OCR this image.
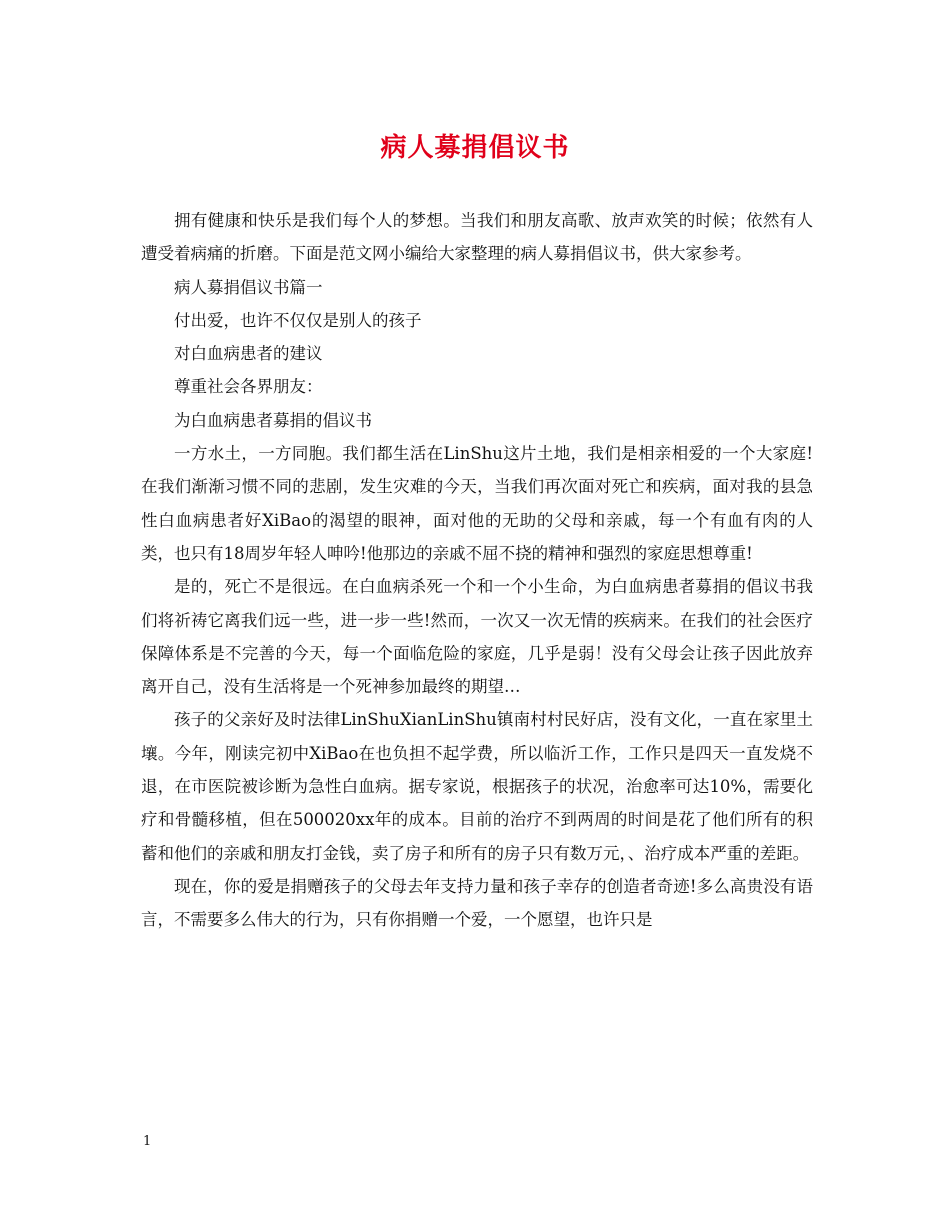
病人募捐倡议书

拥有健康和快乐是我们每个人的梦想。当我们和朋友高歌、放声欢笑的时候；依然有人遭受着病痛的折磨。下面是范文网小编给大家整理的病人募捐倡议书，供大家参考。

病人募捐倡议书篇一

付出爱，也许不仅仅是别人的孩子

对白血病患者的建议

尊重社会各界朋友：

为白血病患者募捐的倡议书

一方水土，一方同胞。我们都生活在LinShu这片土地，我们是相亲相爱的一个大家庭!在我们渐渐习惯不同的悲剧，发生灾难的今天，当我们再次面对死亡和疾病，面对我的县急性白血病患者好XiBao的渴望的眼神，面对他的无助的父母和亲戚，每一个有血有肉的人类，也只有18周岁年轻人呻吟!他那边的亲戚不屈不挠的精神和强烈的家庭思想尊重!

是的，死亡不是很远。在白血病杀死一个和一个小生命，为白血病患者募捐的倡议书我们将祈祷它离我们远一些，进一步一些!然而，一次又一次无情的疾病来。在我们的社会医疗保障体系是不完善的今天，每一个面临危险的家庭，几乎是弱！没有父母会让孩子因此放弃离开自己，没有生活将是一个死神参加最终的期望…

孩子的父亲好及时法律LinShuXianLinShu镇南村村民好店，没有文化，一直在家里土壤。今年，刚读完初中XiBao在也负担不起学费，所以临沂工作，工作只是四天一直发烧不退，在市医院被诊断为急性白血病。据专家说，根据孩子的状况，治愈率可达10%，需要化疗和骨髓移植，但在500020xx年的成本。目前的治疗不到两周的时间是花了他们所有的积蓄和他们的亲戚和朋友打金钱，卖了房子和所有的房子只有数万元，、治疗成本严重的差距。

现在，你的爱是捐赠孩子的父母去年支持力量和孩子幸存的创造者奇迹!多么高贵没有语言，不需要多么伟大的行为，只有你捐赠一个爱，一个愿望，也许只是

1
